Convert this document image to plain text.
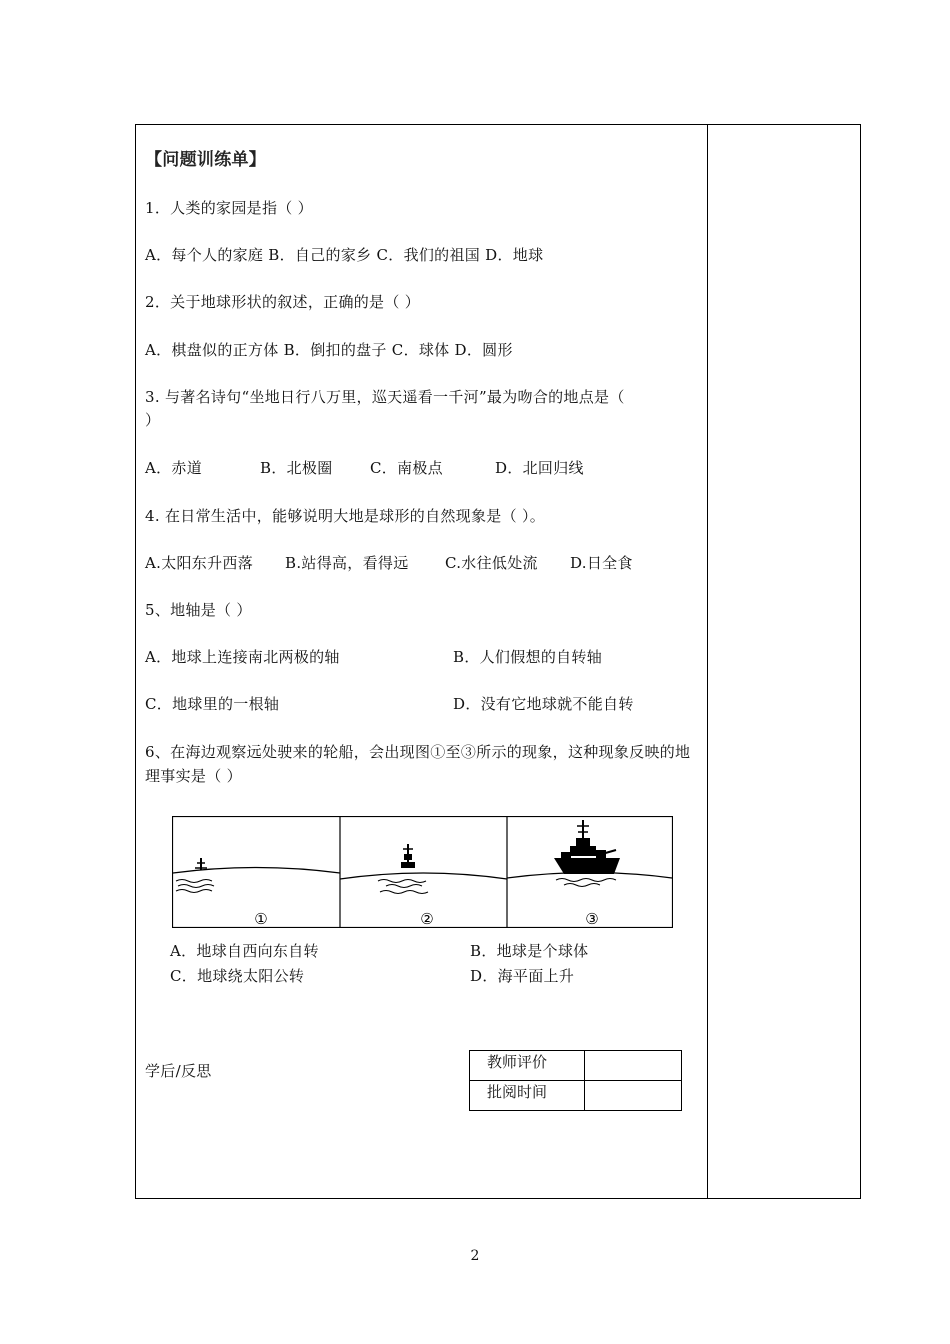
【问题训练单】
1．人类的家园是指（ ）
A．每个人的家庭 B．自己的家乡 C．我们的祖国 D．地球
2．关于地球形状的叙述，正确的是（ ）
A．棋盘似的正方体 B．倒扣的盘子 C．球体 D．圆形
3. 与著名诗句“坐地日行八万里，巡天遥看一千河”最为吻合的地点是（
）
A．赤道	B．北极圈 C．南极点	D．北回归线
4. 在日常生活中，能够说明大地是球形的自然现象是（ ）。
A.太阳东升西落 B.站得高，看得远 C.水往低处流 D.日全食
5、地轴是（ ）
A．地球上连接南北两极的轴	B．人们假想的自转轴
C．地球里的一根轴	D．没有它地球就不能自转
6、在海边观察远处驶来的轮船，会出现图①至③所示的现象，这种现象反映的地理事实是（ ）
①	②	③
A．地球自西向东自转	B．地球是个球体
C．地球绕太阳公转	D．海平面上升
学后/反思	教师评价	
批阅时间	
2
